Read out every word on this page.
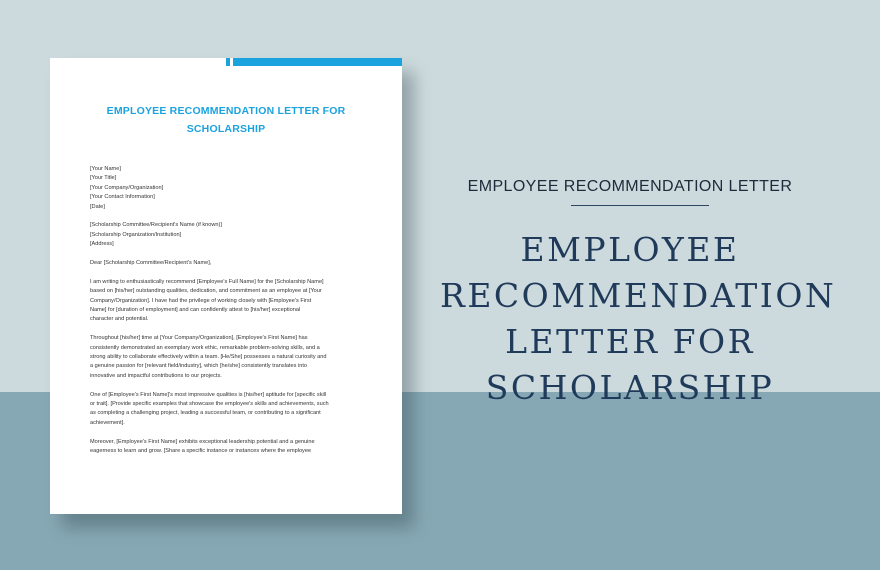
EMPLOYEE RECOMMENDATION LETTER FOR
SCHOLARSHIP
[Your Name]
[Your Title]
[Your Company/Organization]
[Your Contact Information]
[Date]
[Scholarship Committee/Recipient's Name (if known)]
[Scholarship Organization/Institution]
[Address]
Dear [Scholarship Committee/Recipient's Name],
I am writing to enthusiastically recommend [Employee's Full Name] for the [Scholarship Name]
based on [his/her] outstanding qualities, dedication, and commitment as an employee at [Your
Company/Organization]. I have had the privilege of working closely with [Employee's First
Name] for [duration of employment] and can confidently attest to [his/her] exceptional
character and potential.
Throughout [his/her] time at [Your Company/Organization], [Employee's First Name] has
consistently demonstrated an exemplary work ethic, remarkable problem-solving skills, and a
strong ability to collaborate effectively within a team. [He/She] possesses a natural curiosity and
a genuine passion for [relevant field/industry], which [he/she] consistently translates into
innovative and impactful contributions to our projects.
One of [Employee's First Name]'s most impressive qualities is [his/her] aptitude for [specific skill
or trait]. [Provide specific examples that showcase the employee's skills and achievements, such
as completing a challenging project, leading a successful team, or contributing to a significant
achievement].
Moreover, [Employee's First Name] exhibits exceptional leadership potential and a genuine
eagerness to learn and grow. [Share a specific instance or instances where the employee
EMPLOYEE RECOMMENDATION LETTER
EMPLOYEE
RECOMMENDATION
LETTER FOR
SCHOLARSHIP
